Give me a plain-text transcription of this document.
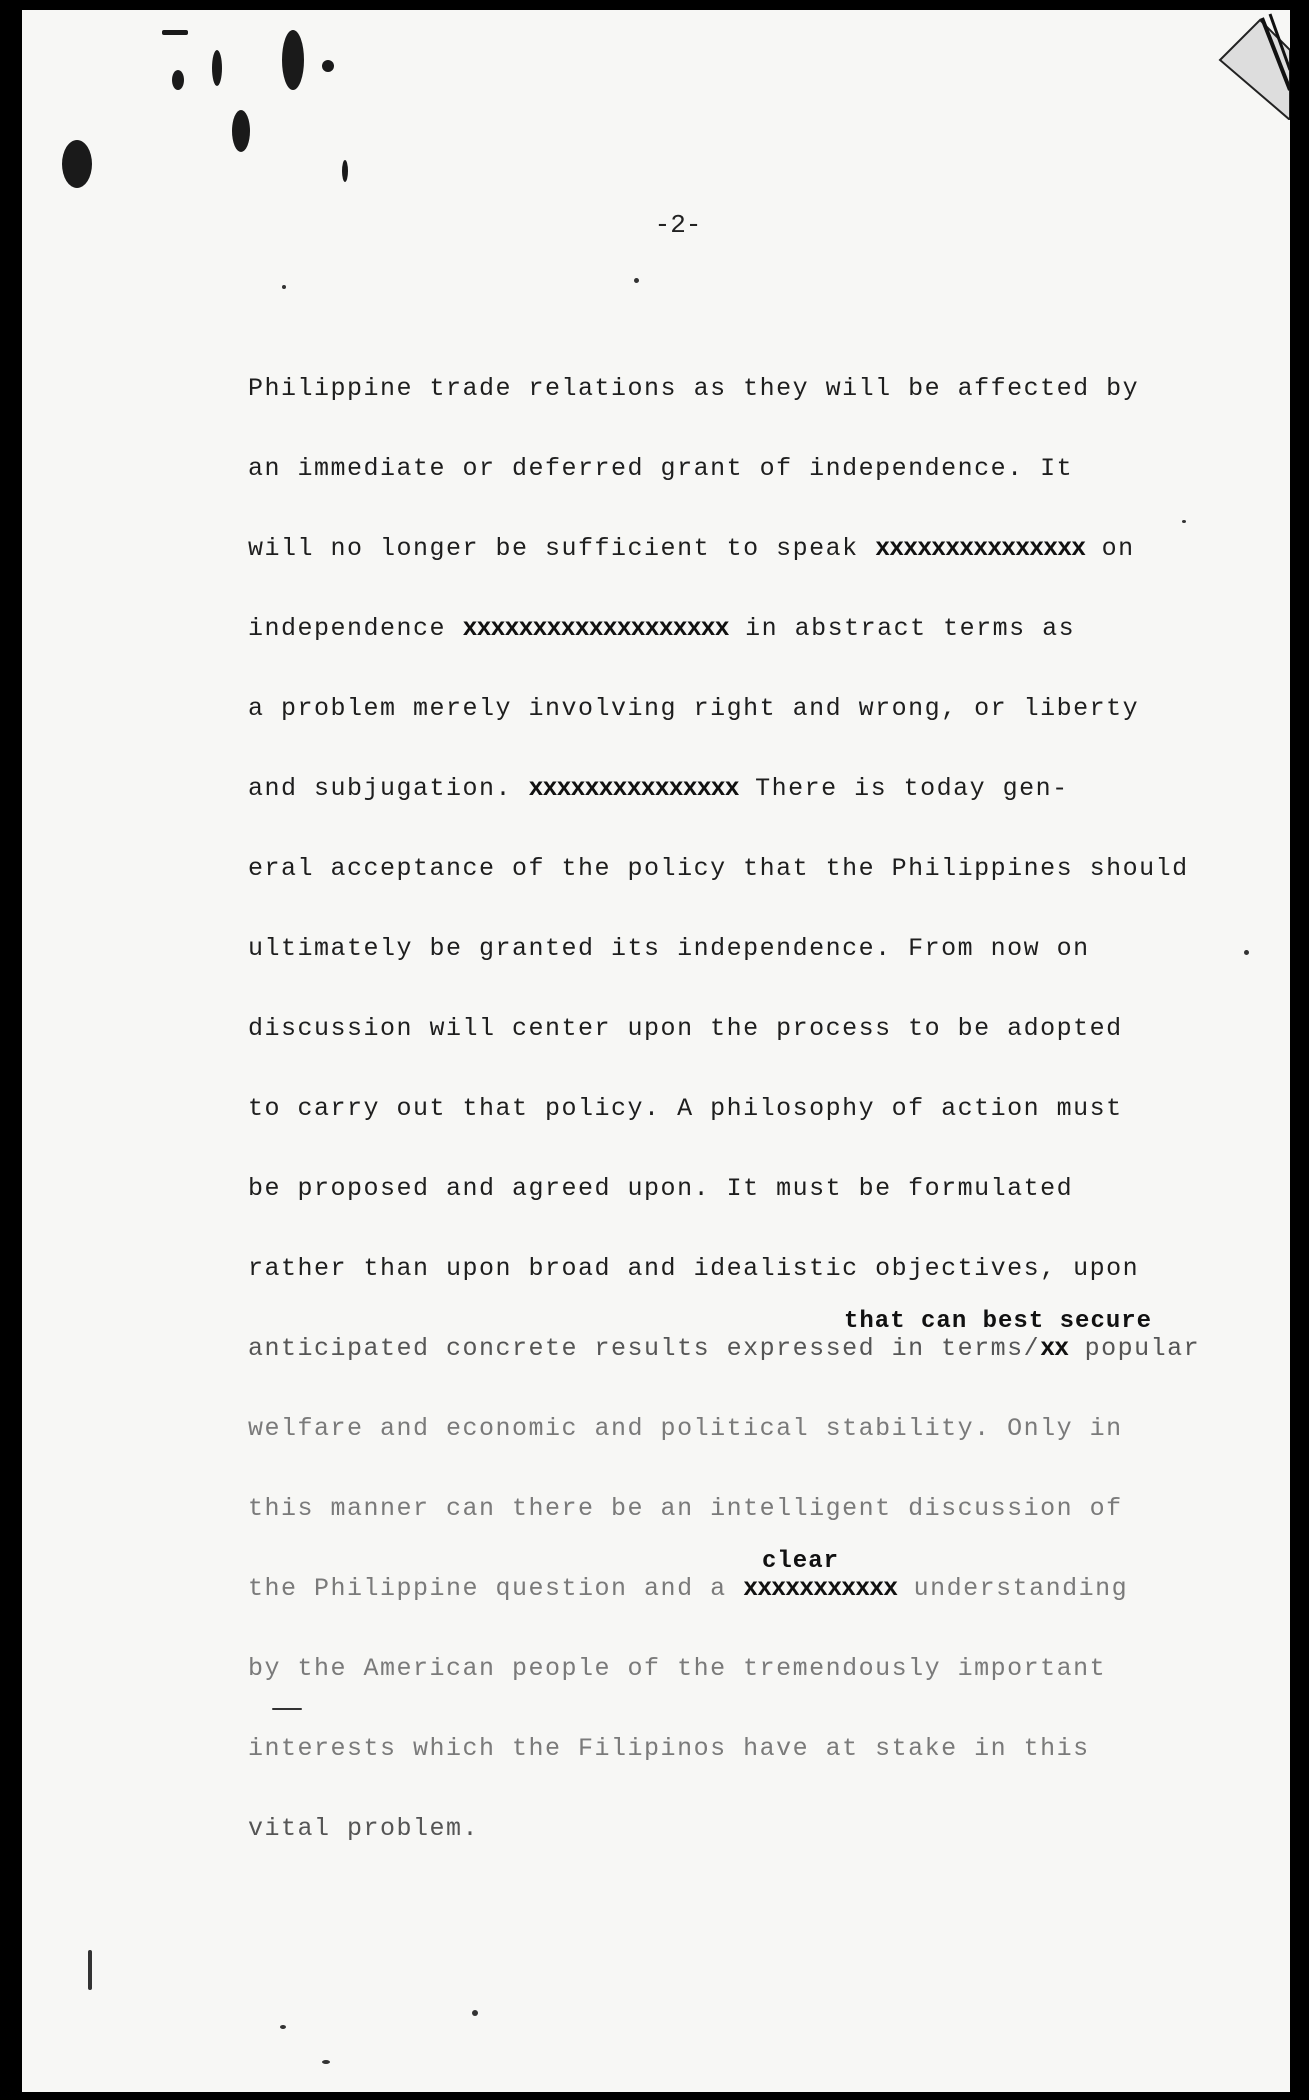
-2-
Philippine trade relations as they will be affected by
an immediate or deferred grant of independence. It
will no longer be sufficient to speak xxxxxxxxxxxxxxx on
independence xxxxxxxxxxxxxxxxxxx in abstract terms as
a problem merely involving right and wrong, or liberty
and subjugation. xxxxxxxxxxxxxxx There is today gen-
eral acceptance of the policy that the Philippines should
ultimately be granted its independence. From now on
discussion will center upon the process to be adopted
to carry out that policy. A philosophy of action must
be proposed and agreed upon. It must be formulated
rather than upon broad and idealistic objectives, upon
that can best secure
anticipated concrete results expressed in terms/xx popular
welfare and economic and political stability. Only in
this manner can there be an intelligent discussion of
clear
the Philippine question and a xxxxxxxxxxx understanding
by the American people of the tremendously important
interests which the Filipinos have at stake in this
vital problem.
